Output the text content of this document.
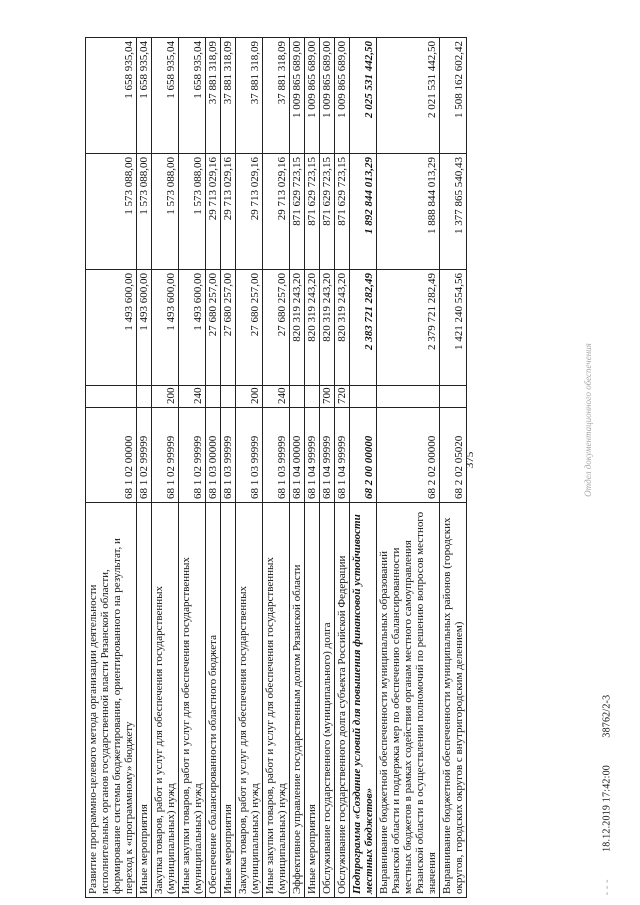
375	Отдел документационного обеспечения
Развитие программно-целевого метода организации деятельности исполнительных органов государственной власти Рязанской области, формирование системы бюджетирования, ориентированного на результат, и переход к «программному» бюджету	68 1 02 00000		1 493 600,00	1 573 088,00	1 658 935,04
Иные мероприятия	68 1 02 99999		1 493 600,00	1 573 088,00	1 658 935,04
Закупка товаров, работ и услуг для обеспечения государственных (муниципальных) нужд	68 1 02 99999	200	1 493 600,00	1 573 088,00	1 658 935,04
Иные закупки товаров, работ и услуг для обеспечения государственных (муниципальных) нужд	68 1 02 99999	240	1 493 600,00	1 573 088,00	1 658 935,04
Обеспечение сбалансированности областного бюджета	68 1 03 00000		27 680 257,00	29 713 029,16	37 881 318,09
Иные мероприятия	68 1 03 99999		27 680 257,00	29 713 029,16	37 881 318,09
Закупка товаров, работ и услуг для обеспечения государственных (муниципальных) нужд	68 1 03 99999	200	27 680 257,00	29 713 029,16	37 881 318,09
Иные закупки товаров, работ и услуг для обеспечения государственных (муниципальных) нужд	68 1 03 99999	240	27 680 257,00	29 713 029,16	37 881 318,09
Эффективное управление государственным долгом Рязанской области	68 1 04 00000		820 319 243,20	871 629 723,15	1 009 865 689,00
Иные мероприятия	68 1 04 99999		820 319 243,20	871 629 723,15	1 009 865 689,00
Обслуживание государственного (муниципального) долга	68 1 04 99999	700	820 319 243,20	871 629 723,15	1 009 865 689,00
Обслуживание государственного долга субъекта Российской Федерации	68 1 04 99999	720	820 319 243,20	871 629 723,15	1 009 865 689,00
Подпрограмма «Создание условий для повышения финансовой устойчивости местных бюджетов»	68 2 00 00000		2 383 721 282,49	1 892 844 013,29	2 025 531 442,50
Выравнивание бюджетной обеспеченности муниципальных образований Рязанской области и поддержка мер по обеспечению сбалансированности местных бюджетов в рамках содействия органам местного самоуправления Рязанской области в осуществлении полномочий по решению вопросов местного значения	68 2 02 00000		2 379 721 282,49	1 888 844 013,29	2 021 531 442,50
Выравнивание бюджетной обеспеченности муниципальных районов (городских округов, городских округов с внутригородским делением)	68 2 02 05020		1 421 240 554,56	1 377 865 540,43	1 508 162 602,42
- - -  18.12.2019 17:42:00  38762/2-3
